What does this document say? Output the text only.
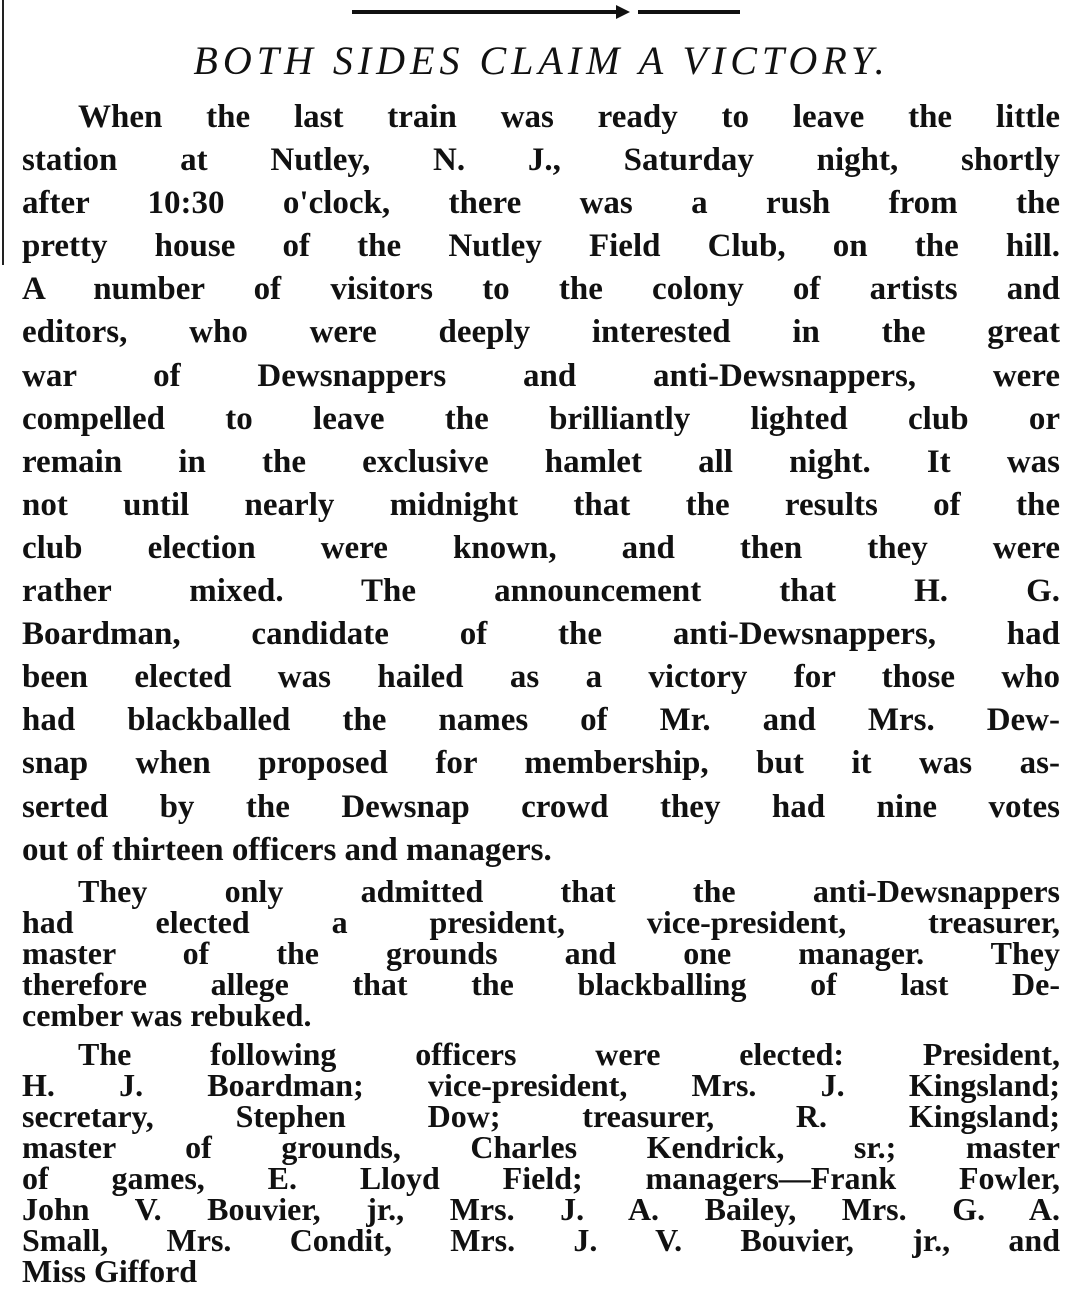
BOTH SIDES CLAIM A VICTORY.
When the last train was ready to leave the little
station at Nutley, N. J., Saturday night, shortly
after 10:30 o'clock, there was a rush from the
pretty house of the Nutley Field Club, on the hill.
A number of visitors to the colony of artists and
editors, who were deeply interested in the great
war of Dewsnappers and anti-Dewsnappers, were
compelled to leave the brilliantly lighted club or
remain in the exclusive hamlet all night. It was
not until nearly midnight that the results of the
club election were known, and then they were
rather mixed. The announcement that H. G.
Boardman, candidate of the anti-Dewsnappers, had
been elected was hailed as a victory for those who
had blackballed the names of Mr. and Mrs. Dew-
snap when proposed for membership, but it was as-
serted by the Dewsnap crowd they had nine votes
out of thirteen officers and managers.
They only admitted that the anti-Dewsnappers
had elected a president, vice-president, treasurer,
master of the grounds and one manager. They
therefore allege that the blackballing of last De-
cember was rebuked.
The following officers were elected: President,
H. J. Boardman; vice-president, Mrs. J. Kingsland;
secretary, Stephen Dow; treasurer, R. Kingsland;
master of grounds, Charles Kendrick, sr.; master
of games, E. Lloyd Field; managers—Frank Fowler,
John V. Bouvier, jr., Mrs. J. A. Bailey, Mrs. G. A.
Small, Mrs. Condit, Mrs. J. V. Bouvier, jr., and
Miss Gifford
